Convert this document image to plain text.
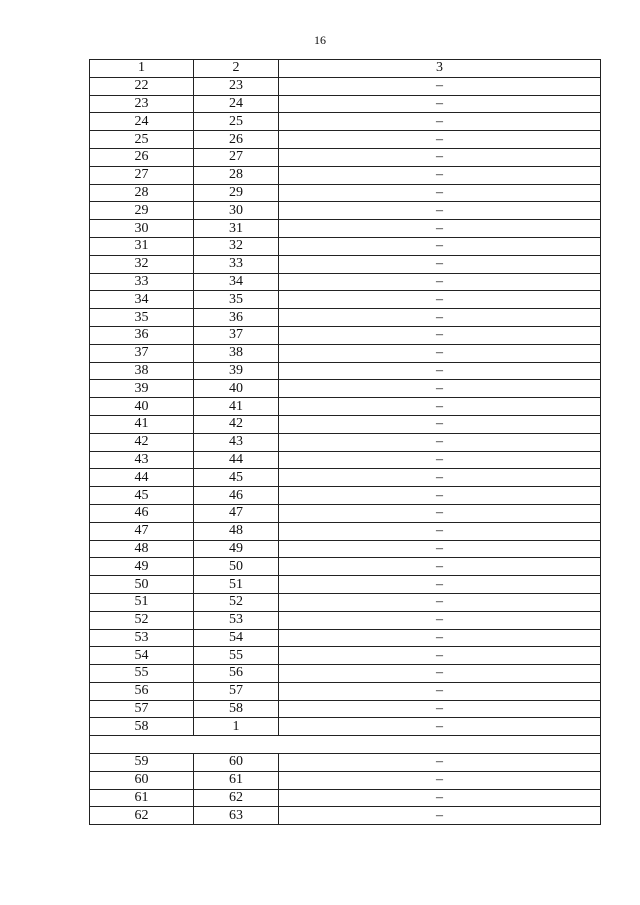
16
1	2	3
22	23	–
23	24	–
24	25	–
25	26	–
26	27	–
27	28	–
28	29	–
29	30	–
30	31	–
31	32	–
32	33	–
33	34	–
34	35	–
35	36	–
36	37	–
37	38	–
38	39	–
39	40	–
40	41	–
41	42	–
42	43	–
43	44	–
44	45	–
45	46	–
46	47	–
47	48	–
48	49	–
49	50	–
50	51	–
51	52	–
52	53	–
53	54	–
54	55	–
55	56	–
56	57	–
57	58	–
58	1	–

59	60	–
60	61	–
61	62	–
62	63	–
